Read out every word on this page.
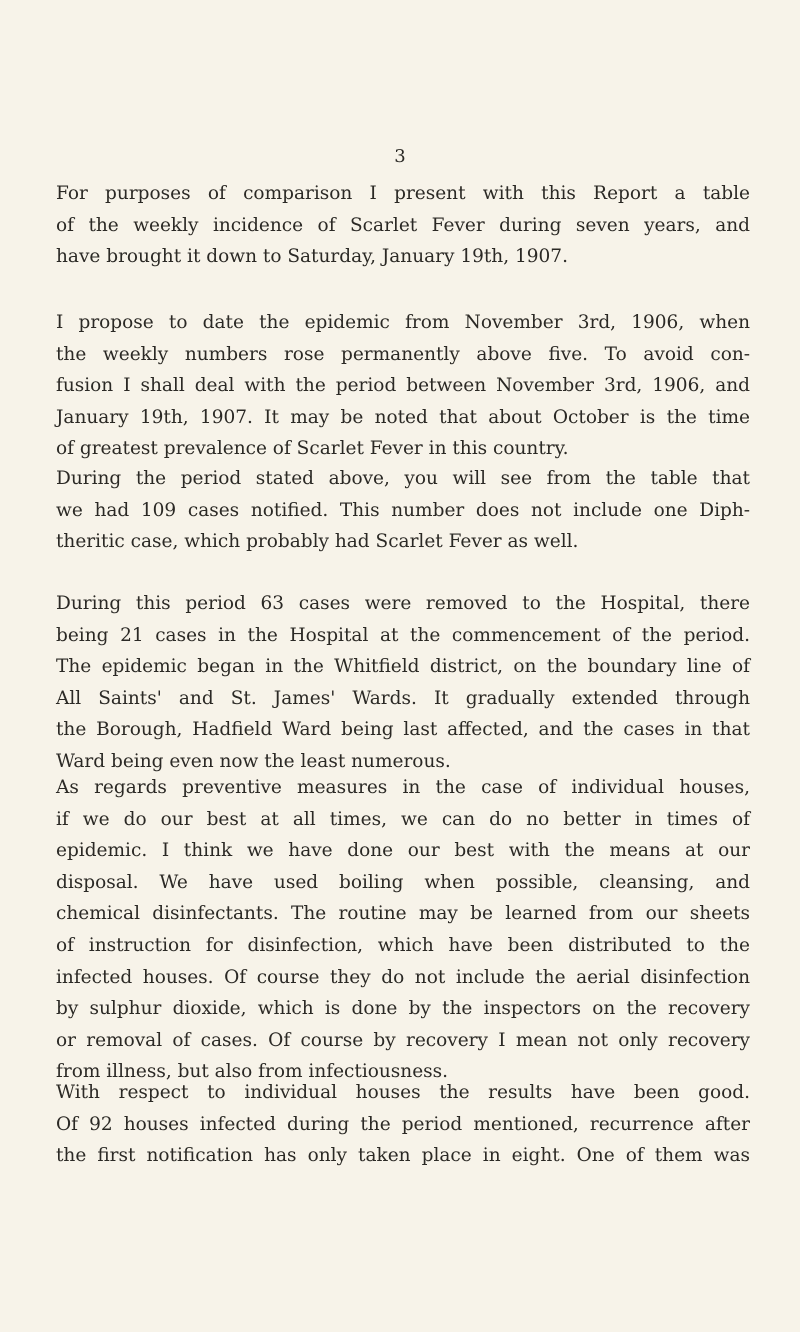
3

For purposes of comparison I present with this Report a table
of the weekly incidence of Scarlet Fever during seven years, and
have brought it down to Saturday, January 19th, 1907.

I propose to date the epidemic from November 3rd, 1906, when
the weekly numbers rose permanently above five. To avoid con-
fusion I shall deal with the period between November 3rd, 1906, and
January 19th, 1907. It may be noted that about October is the time
of greatest prevalence of Scarlet Fever in this country.

During the period stated above, you will see from the table that
we had 109 cases notified. This number does not include one Diph-
theritic case, which probably had Scarlet Fever as well.

During this period 63 cases were removed to the Hospital, there
being 21 cases in the Hospital at the commencement of the period.
The epidemic began in the Whitfield district, on the boundary line of
All Saints' and St. James' Wards. It gradually extended through
the Borough, Hadfield Ward being last affected, and the cases in that
Ward being even now the least numerous.

As regards preventive measures in the case of individual houses,
if we do our best at all times, we can do no better in times of
epidemic. I think we have done our best with the means at our
disposal. We have used boiling when possible, cleansing, and
chemical disinfectants. The routine may be learned from our sheets
of instruction for disinfection, which have been distributed to the
infected houses. Of course they do not include the aerial disinfection
by sulphur dioxide, which is done by the inspectors on the recovery
or removal of cases. Of course by recovery I mean not only recovery
from illness, but also from infectiousness.

With respect to individual houses the results have been good.
Of 92 houses infected during the period mentioned, recurrence after
the first notification has only taken place in eight. One of them was
